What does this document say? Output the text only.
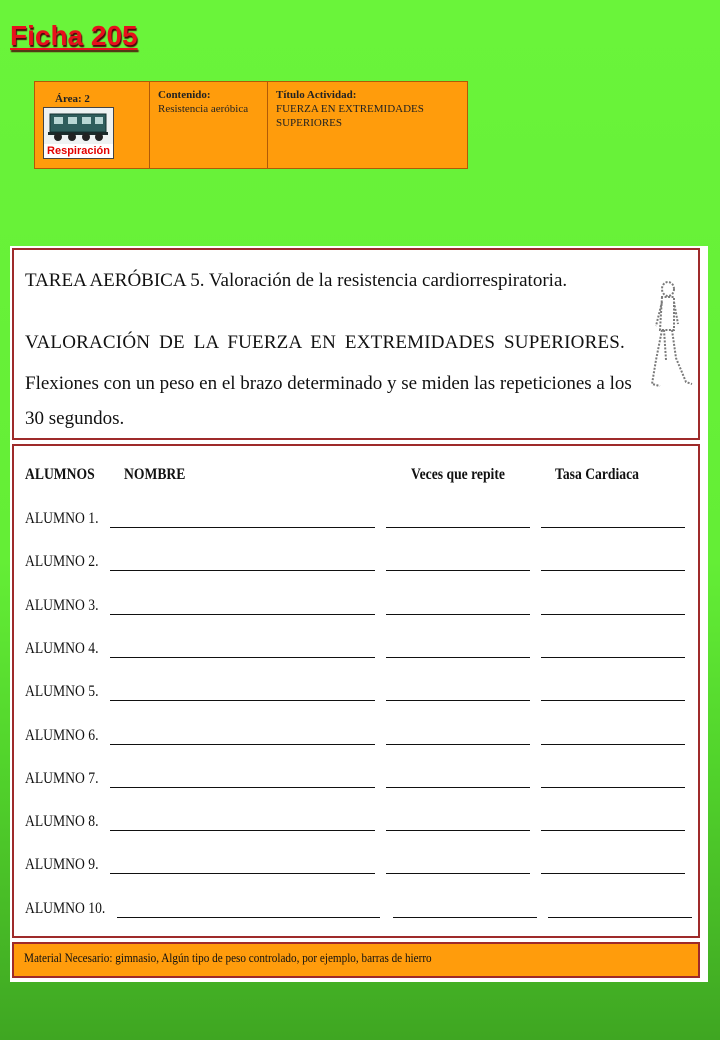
Ficha 205
Área: 2
Respiración
Contenido:
Resistencia aeróbica
Título Actividad:
FUERZA EN EXTREMIDADES SUPERIORES
TAREA AERÓBICA 5. Valoración de la resistencia cardiorrespiratoria.
VALORACIÓN DE LA FUERZA EN EXTREMIDADES SUPERIORES.

Flexiones con un peso en el brazo determinado y se miden las repeticiones a los 30 segundos.

ALUMNOS NOMBRE	Veces que repite	Tasa Cardiaca
ALUMNO 1.
ALUMNO 2.
ALUMNO 3.
ALUMNO 4.
ALUMNO 5.
ALUMNO 6.
ALUMNO 7.
ALUMNO 8.
ALUMNO 9.
ALUMNO 10.
Material Necesario: gimnasio, Algún tipo de peso controlado, por ejemplo, barras de hierro
